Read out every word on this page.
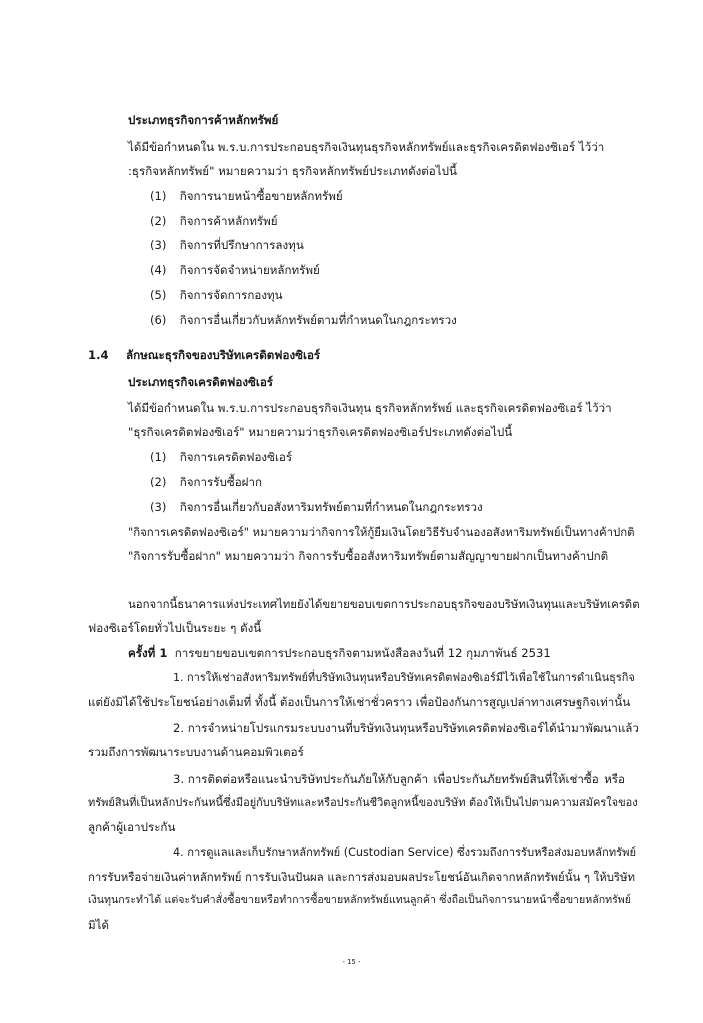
ประเภทธุรกิจการค้าหลักทรัพย์
ได้มีข้อกำหนดใน พ.ร.บ.การประกอบธุรกิจเงินทุนธุรกิจหลักทรัพย์และธุรกิจเครดิตฟองซิเอร์ ไว้ว่า
:ธุรกิจหลักทรัพย์" หมายความว่า ธุรกิจหลักทรัพย์ประเภทดังต่อไปนี้
(1) กิจการนายหน้าซื้อขายหลักทรัพย์
(2) กิจการค้าหลักทรัพย์
(3) กิจการที่ปรึกษาการลงทุน
(4) กิจการจัดจำหน่ายหลักทรัพย์
(5) กิจการจัดการกองทุน
(6) กิจการอื่นเกี่ยวกับหลักทรัพย์ตามที่กำหนดในกฎกระทรวง
1.4 ลักษณะธุรกิจของบริษัทเครดิตฟองซิเอร์
ประเภทธุรกิจเครดิตฟองซิเอร์
ได้มีข้อกำหนดใน พ.ร.บ.การประกอบธุรกิจเงินทุน ธุรกิจหลักทรัพย์ และธุรกิจเครดิตฟองซิเอร์ ไว้ว่า
"ธุรกิจเครดิตฟองซิเอร์" หมายความว่าธุรกิจเครดิตฟองซิเอร์ประเภทดังต่อไปนี้
(1) กิจการเครดิตฟองซิเอร์
(2) กิจการรับซื้อฝาก
(3) กิจการอื่นเกี่ยวกับอสังหาริมทรัพย์ตามที่กำหนดในกฎกระทรวง
"กิจการเครดิตฟองซิเอร์" หมายความว่ากิจการให้กู้ยืมเงินโดยวิธีรับจำนองอสังหาริมทรัพย์เป็นทางค้าปกติ
"กิจการรับซื้อฝาก" หมายความว่า กิจการรับซื้ออสังหาริมทรัพย์ตามสัญญาขายฝากเป็นทางค้าปกติ
นอกจากนี้ธนาคารแห่งประเทศไทยยังได้ขยายขอบเขตการประกอบธุรกิจของบริษัทเงินทุนและบริษัทเครดิต
ฟองซิเอร์โดยทั่วไปเป็นระยะ ๆ ดังนี้
ครั้งที่ 1 การขยายขอบเขตการประกอบธุรกิจตามหนังสือลงวันที่ 12 กุมภาพันธ์ 2531
1. การให้เช่าอสังหาริมทรัพย์ที่บริษัทเงินทุนหรือบริษัทเครดิตฟองซิเอร์มีไว้เพื่อใช้ในการดำเนินธุรกิจ
แต่ยังมิได้ใช้ประโยชน์อย่างเต็มที่ ทั้งนี้ ต้องเป็นการให้เช่าชั่วคราว เพื่อป้องกันการสูญเปล่าทางเศรษฐกิจเท่านั้น
2. การจำหน่ายโปรแกรมระบบงานที่บริษัทเงินทุนหรือบริษัทเครดิตฟองซิเอร์ได้นำมาพัฒนาแล้ว
รวมถึงการพัฒนาระบบงานด้านคอมพิวเตอร์
3. การติดต่อหรือแนะนำบริษัทประกันภัยให้กับลูกค้า เพื่อประกันภัยทรัพย์สินที่ให้เช่าซื้อ หรือ
ทรัพย์สินที่เป็นหลักประกันหนี้ซึ่งมีอยู่กับบริษัทและหรือประกันชีวิตลูกหนี้ของบริษัท ต้องให้เป็นไปตามความสมัครใจของ
ลูกค้าผู้เอาประกัน
4. การดูแลและเก็บรักษาหลักทรัพย์ (Custodian Service) ซึ่งรวมถึงการรับหรือส่งมอบหลักทรัพย์
การรับหรือจ่ายเงินค่าหลักทรัพย์ การรับเงินปันผล และการส่งมอบผลประโยชน์อันเกิดจากหลักทรัพย์นั้น ๆ ให้บริษัท
เงินทุนกระทำได้ แต่จะรับคำสั่งซื้อขายหรือทำการซื้อขายหลักทรัพย์แทนลูกค้า ซึ่งถือเป็นกิจการนายหน้าซื้อขายหลักทรัพย์
มิได้
- 15 -
